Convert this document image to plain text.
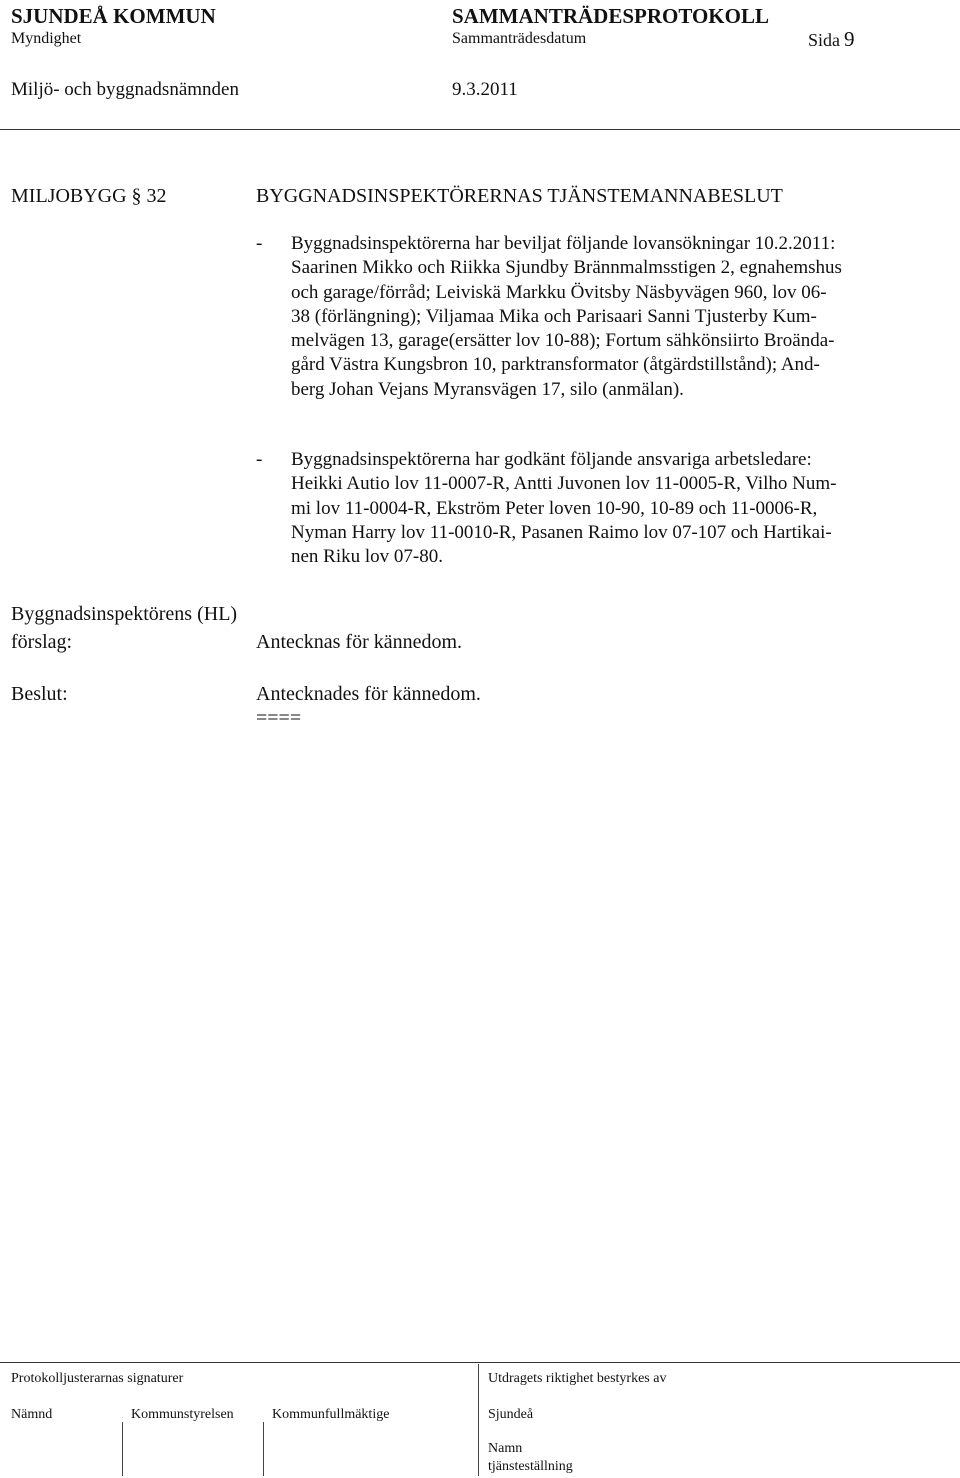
SJUNDEÅ KOMMUN	SAMMANTRÄDESPROTOKOLL
Myndighet	Sammanträdesdatum	Sida 9
Miljö- och byggnadsnämnden	9.3.2011
MILJOBYGG § 32	BYGGNADSINSPEKTÖRERNAS TJÄNSTEMANNABESLUT
- Byggnadsinspektörerna har beviljat följande lovansökningar 10.2.2011:
Saarinen Mikko och Riikka Sjundby Brännmalmsstigen 2, egnahemshus
och garage/förråd; Leiviskä Markku Övitsby Näsbyvägen 960, lov 06-
38 (förlängning); Viljamaa Mika och Parisaari Sanni Tjusterby Kum-
melvägen 13, garage(ersätter lov 10-88); Fortum sähkönsiirto Broända-
gård Västra Kungsbron 10, parktransformator (åtgärdstillstånd); And-
berg Johan Vejans Myransvägen 17, silo (anmälan).
- Byggnadsinspektörerna har godkänt följande ansvariga arbetsledare:
Heikki Autio lov 11-0007-R, Antti Juvonen lov 11-0005-R, Vilho Num-
mi lov 11-0004-R, Ekström Peter loven 10-90, 10-89 och 11-0006-R,
Nyman Harry lov 11-0010-R, Pasanen Raimo lov 07-107 och Hartikai-
nen Riku lov 07-80.
Byggnadsinspektörens (HL)
förslag:	Antecknas för kännedom.
Beslut:	Antecknades för kännedom.
====
Protokolljusterarnas signaturer	Utdragets riktighet bestyrkes av
Nämnd	Kommunstyrelsen	Kommunfullmäktige	Sjundeå
Namn
tjänsteställning
